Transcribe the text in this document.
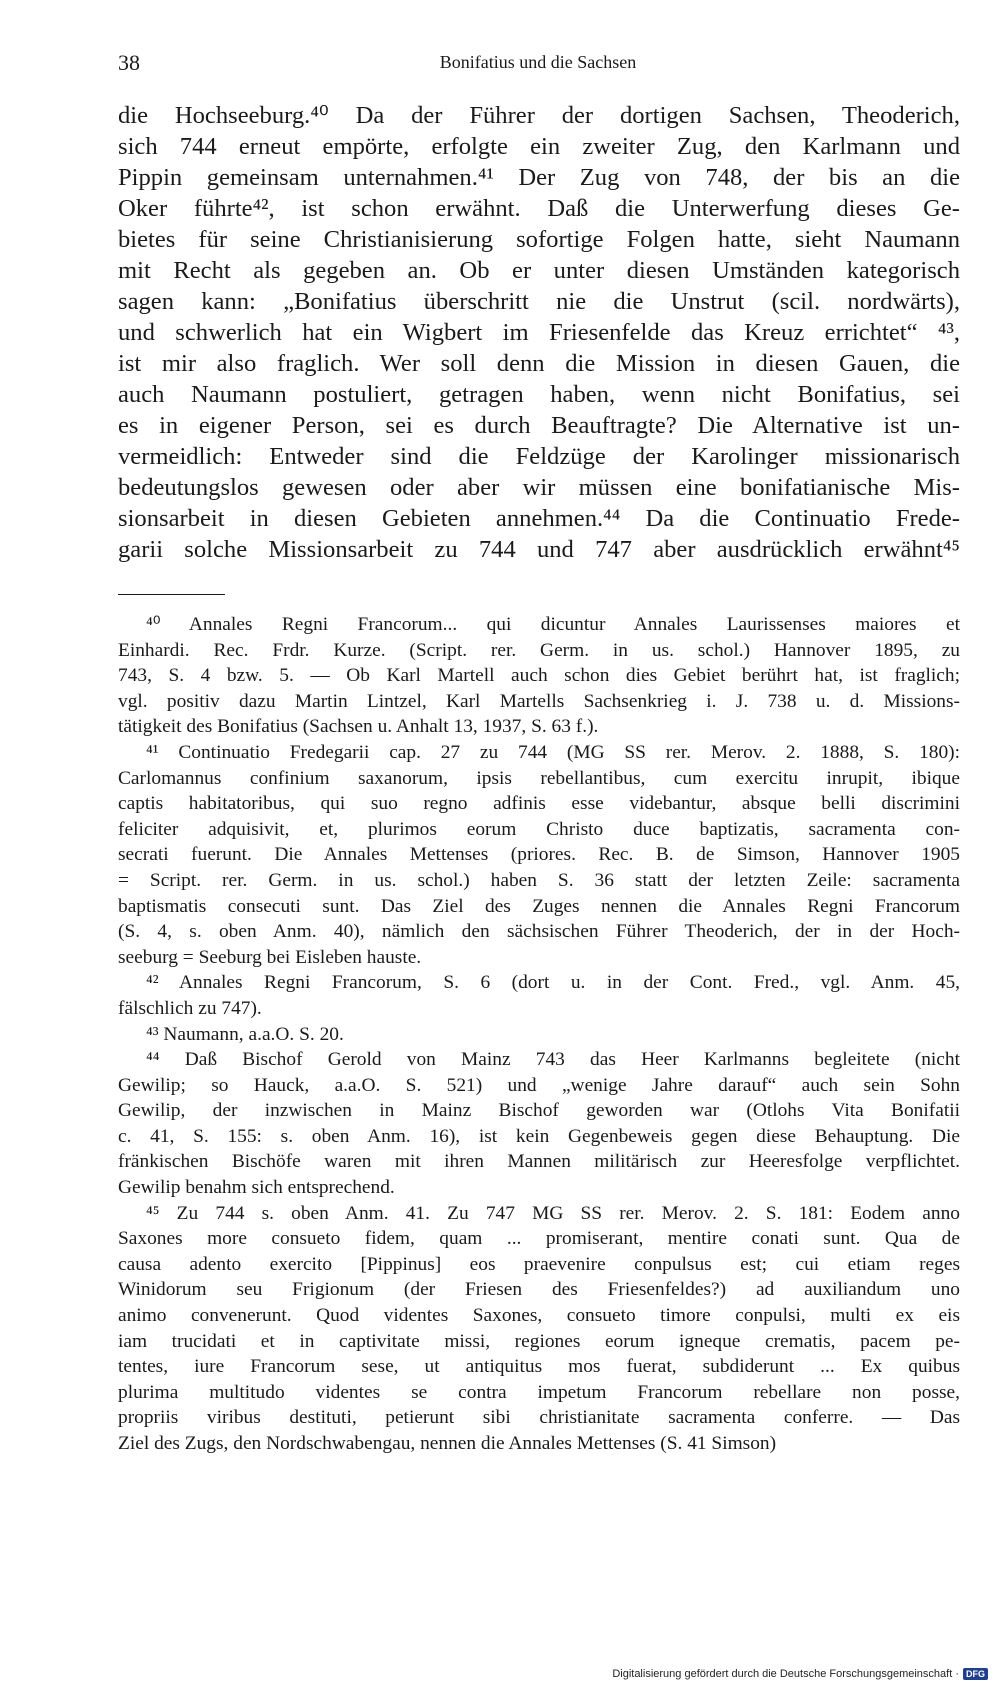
38	Bonifatius und die Sachsen
die Hochseeburg.⁴⁰ Da der Führer der dortigen Sachsen, Theoderich,
sich 744 erneut empörte, erfolgte ein zweiter Zug, den Karlmann und
Pippin gemeinsam unternahmen.⁴¹ Der Zug von 748, der bis an die
Oker führte⁴², ist schon erwähnt. Daß die Unterwerfung dieses Ge-
bietes für seine Christianisierung sofortige Folgen hatte, sieht Naumann
mit Recht als gegeben an. Ob er unter diesen Umständen kategorisch
sagen kann: „Bonifatius überschritt nie die Unstrut (scil. nordwärts),
und schwerlich hat ein Wigbert im Friesenfelde das Kreuz errichtet“ ⁴³,
ist mir also fraglich. Wer soll denn die Mission in diesen Gauen, die
auch Naumann postuliert, getragen haben, wenn nicht Bonifatius, sei
es in eigener Person, sei es durch Beauftragte? Die Alternative ist un-
vermeidlich: Entweder sind die Feldzüge der Karolinger missionarisch
bedeutungslos gewesen oder aber wir müssen eine bonifatianische Mis-
sionsarbeit in diesen Gebieten annehmen.⁴⁴ Da die Continuatio Frede-
garii solche Missionsarbeit zu 744 und 747 aber ausdrücklich erwähnt⁴⁵
⁴⁰ Annales Regni Francorum... qui dicuntur Annales Laurissenses maiores et
Einhardi. Rec. Frdr. Kurze. (Script. rer. Germ. in us. schol.) Hannover 1895, zu
743, S. 4 bzw. 5. — Ob Karl Martell auch schon dies Gebiet berührt hat, ist fraglich;
vgl. positiv dazu Martin Lintzel, Karl Martells Sachsenkrieg i. J. 738 u. d. Missions-
tätigkeit des Bonifatius (Sachsen u. Anhalt 13, 1937, S. 63 f.).
⁴¹ Continuatio Fredegarii cap. 27 zu 744 (MG SS rer. Merov. 2. 1888, S. 180):
Carlomannus confinium saxanorum, ipsis rebellantibus, cum exercitu inrupit, ibique
captis habitatoribus, qui suo regno adfinis esse videbantur, absque belli discrimini
feliciter adquisivit, et, plurimos eorum Christo duce baptizatis, sacramenta con-
secrati fuerunt. Die Annales Mettenses (priores. Rec. B. de Simson, Hannover 1905
= Script. rer. Germ. in us. schol.) haben S. 36 statt der letzten Zeile: sacramenta
baptismatis consecuti sunt. Das Ziel des Zuges nennen die Annales Regni Francorum
(S. 4, s. oben Anm. 40), nämlich den sächsischen Führer Theoderich, der in der Hoch-
seeburg = Seeburg bei Eisleben hauste.
⁴² Annales Regni Francorum, S. 6 (dort u. in der Cont. Fred., vgl. Anm. 45,
fälschlich zu 747).
⁴³ Naumann, a.a.O. S. 20.
⁴⁴ Daß Bischof Gerold von Mainz 743 das Heer Karlmanns begleitete (nicht
Gewilip; so Hauck, a.a.O. S. 521) und „wenige Jahre darauf“ auch sein Sohn
Gewilip, der inzwischen in Mainz Bischof geworden war (Otlohs Vita Bonifatii
c. 41, S. 155: s. oben Anm. 16), ist kein Gegenbeweis gegen diese Behauptung. Die
fränkischen Bischöfe waren mit ihren Mannen militärisch zur Heeresfolge verpflichtet.
Gewilip benahm sich entsprechend.
⁴⁵ Zu 744 s. oben Anm. 41. Zu 747 MG SS rer. Merov. 2. S. 181: Eodem anno
Saxones more consueto fidem, quam ... promiserant, mentire conati sunt. Qua de
causa adento exercito [Pippinus] eos praevenire conpulsus est; cui etiam reges
Winidorum seu Frigionum (der Friesen des Friesenfeldes?) ad auxiliandum uno
animo convenerunt. Quod videntes Saxones, consueto timore conpulsi, multi ex eis
iam trucidati et in captivitate missi, regiones eorum igneque crematis, pacem pe-
tentes, iure Francorum sese, ut antiquitus mos fuerat, subdiderunt ... Ex quibus
plurima multitudo videntes se contra impetum Francorum rebellare non posse,
propriis viribus destituti, petierunt sibi christianitate sacramenta conferre. — Das
Ziel des Zugs, den Nordschwabengau, nennen die Annales Mettenses (S. 41 Simson)
Digitalisierung gefördert durch die Deutsche Forschungsgemeinschaft · DFG
